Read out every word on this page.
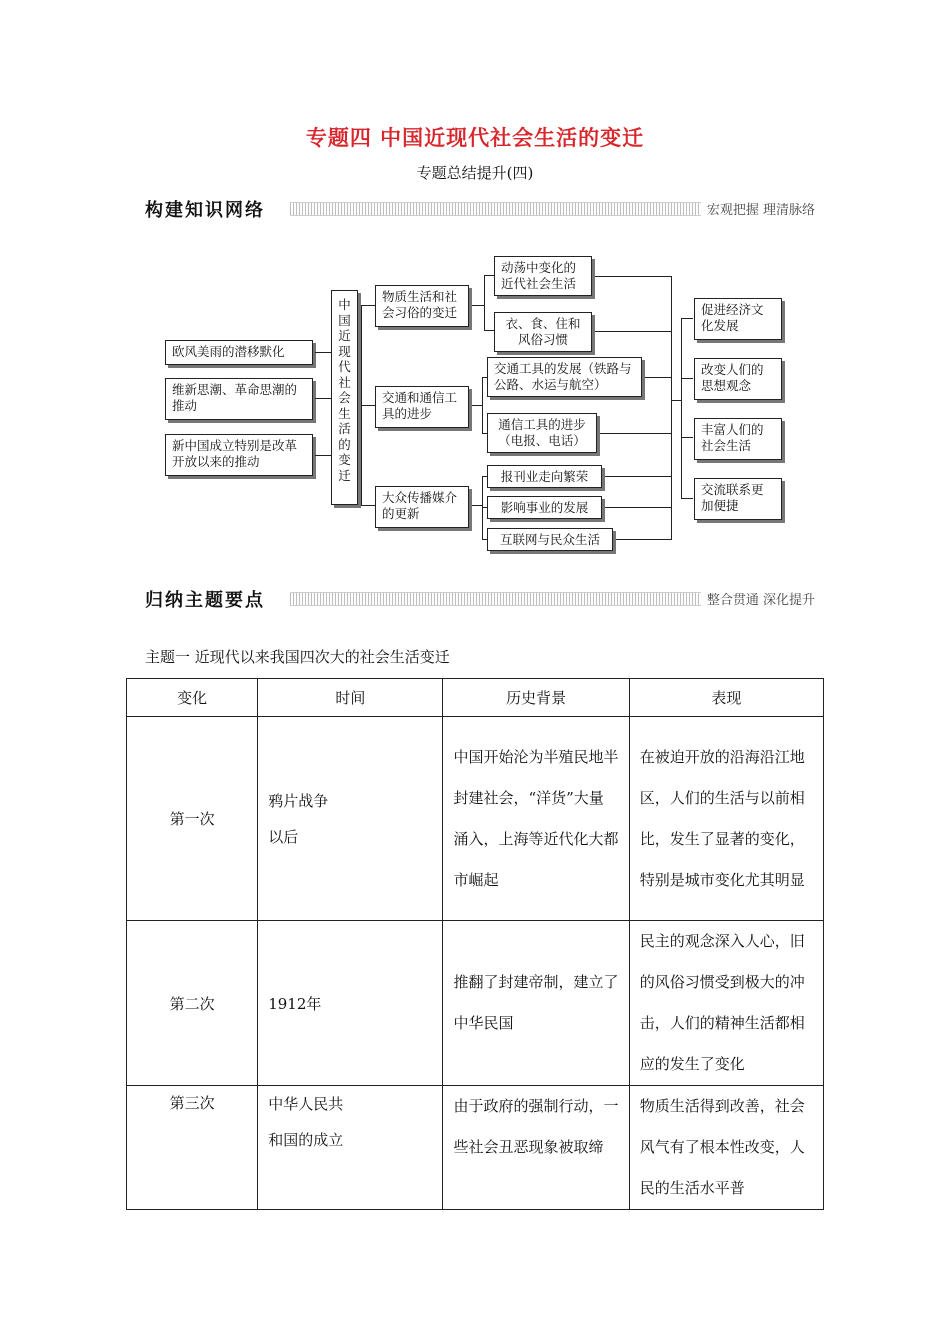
专题四 中国近现代社会生活的变迁
专题总结提升(四)
构建知识网络	宏观把握 理清脉络
欧风美雨的潜移默化
维新思潮、革命思潮的推动
新中国成立特别是改革开放以来的推动
中国近现代社会生活的变迁
物质生活和社会习俗的变迁
交通和通信工具的进步
大众传播媒介的更新
动荡中变化的近代社会生活
衣、食、住和风俗习惯
交通工具的发展（铁路与公路、水运与航空）
通信工具的进步（电报、电话）
报刊业走向繁荣
影响事业的发展
互联网与民众生活
促进经济文化发展
改变人们的思想观念
丰富人们的社会生活
交流联系更加便捷
归纳主题要点	整合贯通 深化提升
主题一 近现代以来我国四次大的社会生活变迁
变化	时间	历史背景	表现
第一次	鸦片战争以后	中国开始沦为半殖民地半封建社会，“洋货”大量涌入，上海等近代化大都市崛起	在被迫开放的沿海沿江地区，人们的生活与以前相比，发生了显著的变化，特别是城市变化尤其明显
第二次	1912年	推翻了封建帝制，建立了中华民国	民主的观念深入人心，旧的风俗习惯受到极大的冲击，人们的精神生活都相应的发生了变化
第三次	中华人民共和国的成立	由于政府的强制行动，一些社会丑恶现象被取缔	物质生活得到改善，社会风气有了根本性改变，人民的生活水平普
